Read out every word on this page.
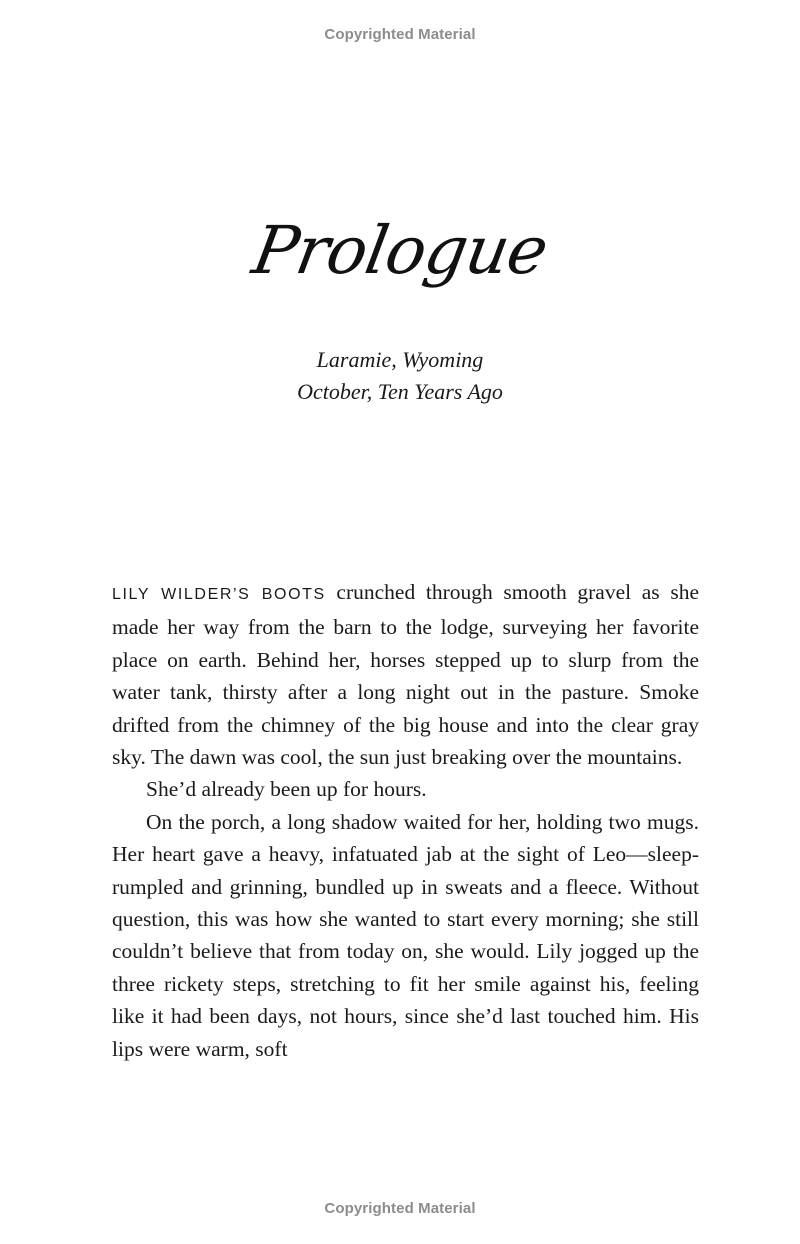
Copyrighted Material
Prologue
Laramie, Wyoming
October, Ten Years Ago

LILY WILDER’S BOOTS crunched through smooth gravel as she made her way from the barn to the lodge, surveying her favorite place on earth. Behind her, horses stepped up to slurp from the water tank, thirsty after a long night out in the pasture. Smoke drifted from the chimney of the big house and into the clear gray sky. The dawn was cool, the sun just breaking over the mountains.

She’d already been up for hours.

On the porch, a long shadow waited for her, holding two mugs. Her heart gave a heavy, infatuated jab at the sight of Leo—sleep-rumpled and grinning, bundled up in sweats and a fleece. Without question, this was how she wanted to start every morning; she still couldn’t believe that from today on, she would. Lily jogged up the three rickety steps, stretching to fit her smile against his, feeling like it had been days, not hours, since she’d last touched him. His lips were warm, soft

Copyrighted Material
